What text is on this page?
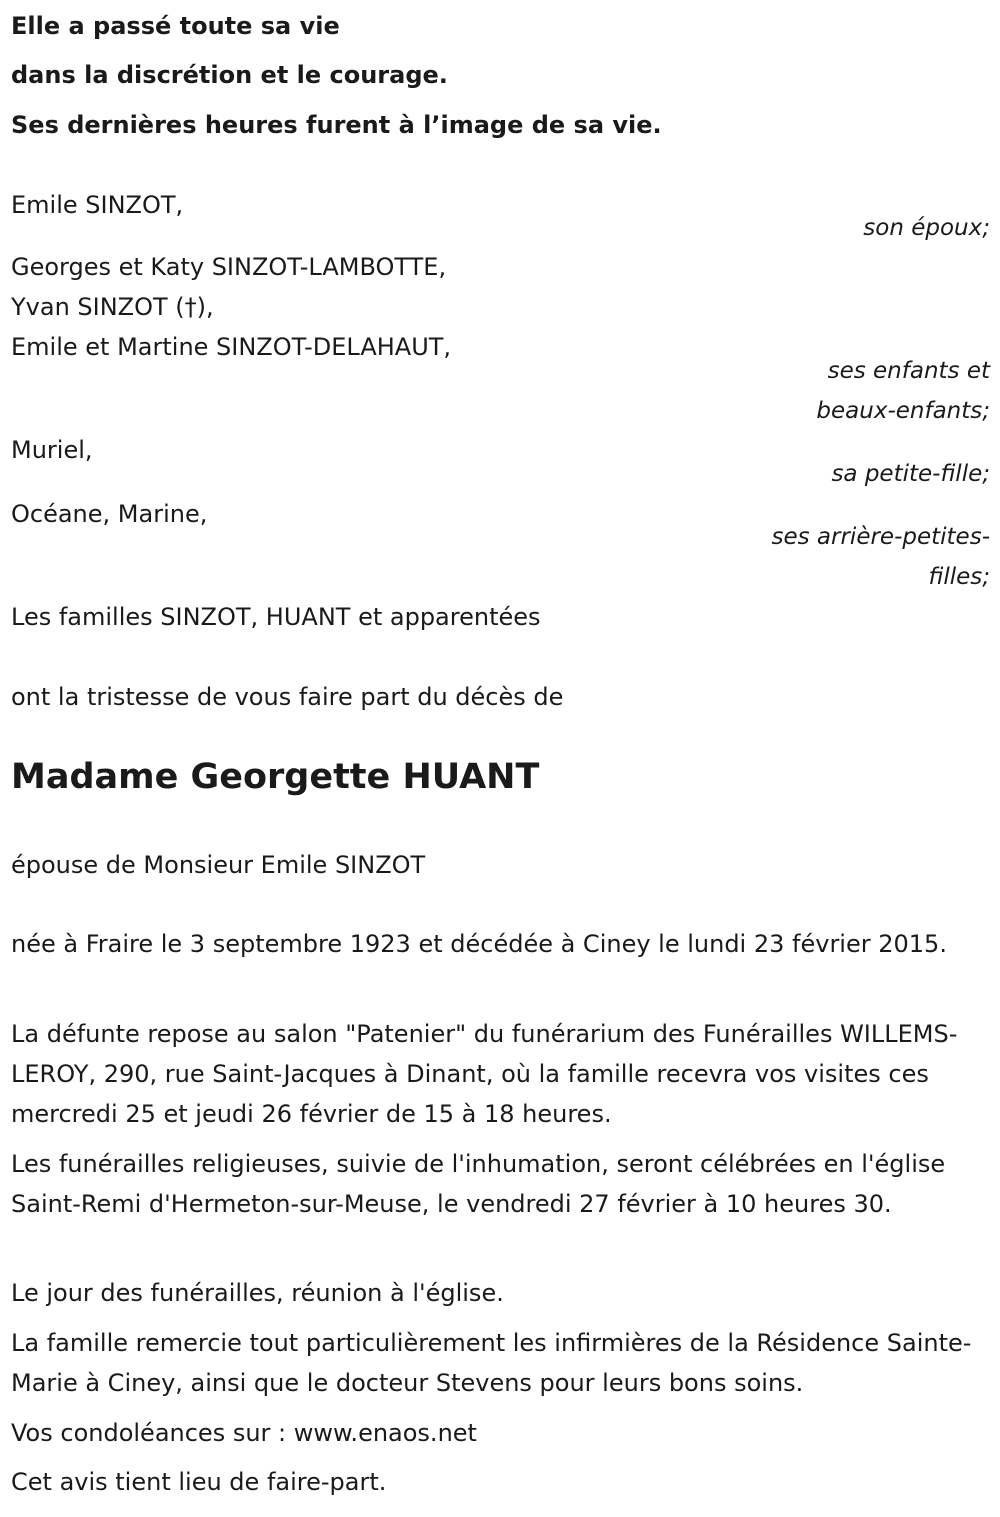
Elle a passé toute sa vie
dans la discrétion et le courage.
Ses dernières heures furent à l’image de sa vie.
Emile SINZOT,
son époux;
Georges et Katy SINZOT-LAMBOTTE,
Yvan SINZOT (†),
Emile et Martine SINZOT-DELAHAUT,
ses enfants et
beaux-enfants;
Muriel,
sa petite-fille;
Océane, Marine,
ses arrière-petites-
filles;
Les familles SINZOT, HUANT et apparentées
ont la tristesse de vous faire part du décès de
Madame Georgette HUANT
épouse de Monsieur Emile SINZOT
née à Fraire le 3 septembre 1923 et décédée à Ciney le lundi 23 février 2015.
La défunte repose au salon "Patenier" du funérarium des Funérailles WILLEMS-LEROY, 290, rue Saint-Jacques à Dinant, où la famille recevra vos visites ces mercredi 25 et jeudi 26 février de 15 à 18 heures.
Les funérailles religieuses, suivie de l'inhumation, seront célébrées en l'église Saint-Remi d'Hermeton-sur-Meuse, le vendredi 27 février à 10 heures 30.
Le jour des funérailles, réunion à l'église.
La famille remercie tout particulièrement les infirmières de la Résidence Sainte-Marie à Ciney, ainsi que le docteur Stevens pour leurs bons soins.
Vos condoléances sur : www.enaos.net
Cet avis tient lieu de faire-part.
